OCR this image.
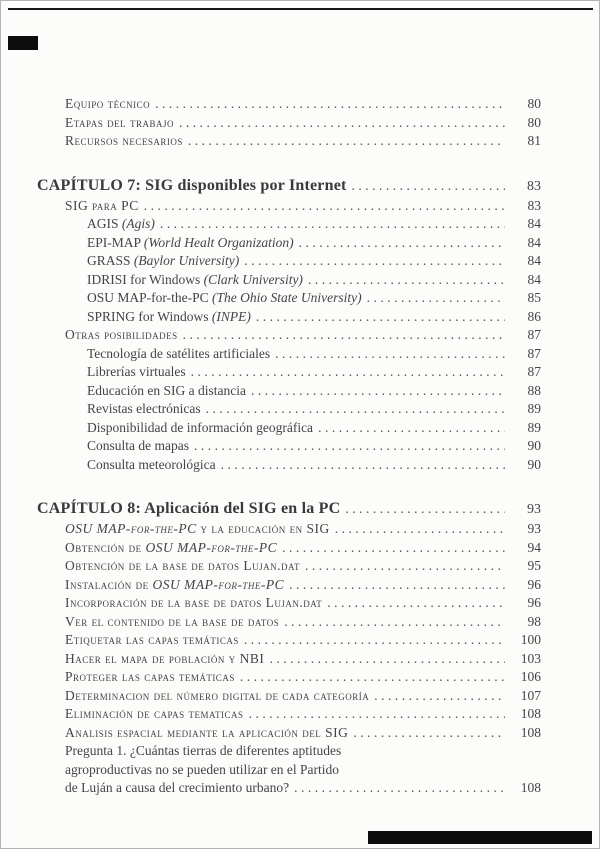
Equipo técnico .....	80
Etapas del trabajo .....	80
Recursos necesarios .....	81
CAPÍTULO 7: SIG disponibles por Internet .....	83
SIG para PC .....	83
AGIS (Agis) .....	84
EPI-MAP (World Healt Organization) .....	84
GRASS (Baylor University) .....	84
IDRISI for Windows (Clark University) .....	84
OSU MAP-for-the-PC (The Ohio State University) .....	85
SPRING for Windows (INPE) .....	86
Otras posibilidades .....	87
Tecnología de satélites artificiales .....	87
Librerías virtuales .....	87
Educación en SIG a distancia .....	88
Revistas electrónicas .....	89
Disponibilidad de información geográfica .....	89
Consulta de mapas .....	90
Consulta meteorológica .....	90
CAPÍTULO 8: Aplicación del SIG en la PC .....	93
OSU MAP-for-the-PC y la educación en SIG .....	93
Obtención de OSU MAP-for-the-PC .....	94
Obtención de la base de datos Lujan.dat .....	95
Instalación de OSU MAP-for-the-PC .....	96
Incorporación de la base de datos Lujan.dat .....	96
Ver el contenido de la base de datos .....	98
Etiquetar las capas temáticas .....	100
Hacer el mapa de población y NBI .....	103
Proteger las capas temáticas .....	106
Determinacion del número digital de cada categoría .....	107
Eliminación de capas tematicas .....	108
Analisis espacial mediante la aplicación del SIG .....	108
Pregunta 1. ¿Cuántas tierras de diferentes aptitudes
agroproductivas no se pueden utilizar en el Partido
de Luján a causa del crecimiento urbano? .....	108
